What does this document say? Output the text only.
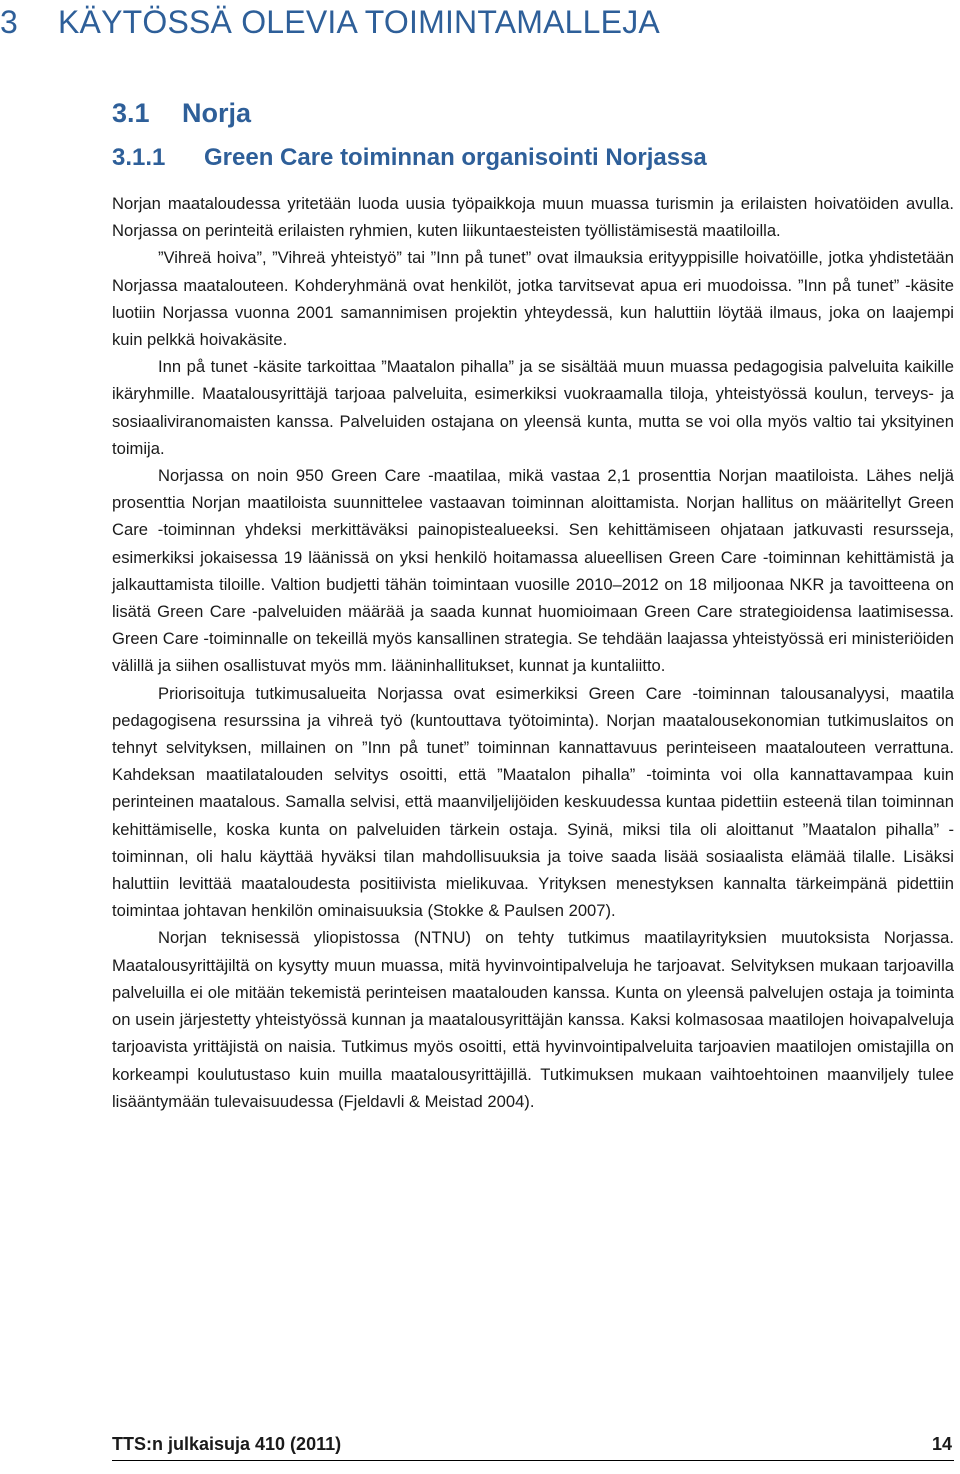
3 KÄYTÖSSÄ OLEVIA TOIMINTAMALLEJA
3.1 Norja
3.1.1 Green Care toiminnan organisointi Norjassa

Norjan maataloudessa yritetään luoda uusia työpaikkoja muun muassa turismin ja erilaisten hoivatöiden avulla. Norjassa on perinteitä erilaisten ryhmien, kuten liikuntaesteisten työllistämisestä maatiloilla.

”Vihreä hoiva”, ”Vihreä yhteistyö” tai ”Inn på tunet” ovat ilmauksia erityyppisille hoivatöille, jotka yhdistetään Norjassa maatalouteen. Kohderyhmänä ovat henkilöt, jotka tarvitsevat apua eri muodoissa. ”Inn på tunet” -käsite luotiin Norjassa vuonna 2001 samannimisen projektin yhteydessä, kun haluttiin löytää ilmaus, joka on laajempi kuin pelkkä hoivakäsite.

Inn på tunet -käsite tarkoittaa ”Maatalon pihalla” ja se sisältää muun muassa pedagogisia palveluita kaikille ikäryhmille. Maatalousyrittäjä tarjoaa palveluita, esimerkiksi vuokraamalla tiloja, yhteistyössä koulun, terveys- ja sosiaaliviranomaisten kanssa. Palveluiden ostajana on yleensä kunta, mutta se voi olla myös valtio tai yksityinen toimija.

Norjassa on noin 950 Green Care -maatilaa, mikä vastaa 2,1 prosenttia Norjan maatiloista. Lähes neljä prosenttia Norjan maatiloista suunnittelee vastaavan toiminnan aloittamista. Norjan hallitus on määritellyt Green Care -toiminnan yhdeksi merkittäväksi painopistealueeksi. Sen kehittämiseen ohjataan jatkuvasti resursseja, esimerkiksi jokaisessa 19 läänissä on yksi henkilö hoitamassa alueellisen Green Care -toiminnan kehittämistä ja jalkauttamista tiloille. Valtion budjetti tähän toimintaan vuosille 2010–2012 on 18 miljoonaa NKR ja tavoitteena on lisätä Green Care -palveluiden määrää ja saada kunnat huomioimaan Green Care strategioidensa laatimisessa. Green Care -toiminnalle on tekeillä myös kansallinen strategia. Se tehdään laajassa yhteistyössä eri ministeriöiden välillä ja siihen osallistuvat myös mm. lääninhallitukset, kunnat ja kuntaliitto.

Priorisoituja tutkimusalueita Norjassa ovat esimerkiksi Green Care -toiminnan talousanalyysi, maatila pedagogisena resurssina ja vihreä työ (kuntouttava työtoiminta). Norjan maatalousekonomian tutkimuslaitos on tehnyt selvityksen, millainen on ”Inn på tunet” toiminnan kannattavuus perinteiseen maatalouteen verrattuna. Kahdeksan maatilatalouden selvitys osoitti, että ”Maatalon pihalla” -toiminta voi olla kannattavampaa kuin perinteinen maatalous. Samalla selvisi, että maanviljelijöiden keskuudessa kuntaa pidettiin esteenä tilan toiminnan kehittämiselle, koska kunta on palveluiden tärkein ostaja. Syinä, miksi tila oli aloittanut ”Maatalon pihalla” -toiminnan, oli halu käyttää hyväksi tilan mahdollisuuksia ja toive saada lisää sosiaalista elämää tilalle. Lisäksi haluttiin levittää maataloudesta positiivista mielikuvaa. Yrityksen menestyksen kannalta tärkeimpänä pidettiin toimintaa johtavan henkilön ominaisuuksia (Stokke & Paulsen 2007).

Norjan teknisessä yliopistossa (NTNU) on tehty tutkimus maatilayrityksien muutoksista Norjassa. Maatalousyrittäjiltä on kysytty muun muassa, mitä hyvinvointipalveluja he tarjoavat. Selvityksen mukaan tarjoavilla palveluilla ei ole mitään tekemistä perinteisen maatalouden kanssa. Kunta on yleensä palvelujen ostaja ja toiminta on usein järjestetty yhteistyössä kunnan ja maatalousyrittäjän kanssa. Kaksi kolmasosaa maatilojen hoivapalveluja tarjoavista yrittäjistä on naisia. Tutkimus myös osoitti, että hyvinvointipalveluita tarjoavien maatilojen omistajilla on korkeampi koulutustaso kuin muilla maatalousyrittäjillä. Tutkimuksen mukaan vaihtoehtoinen maanviljely tulee lisääntymään tulevaisuudessa (Fjeldavli & Meistad 2004).

TTS:n julkaisuja 410 (2011)	14
